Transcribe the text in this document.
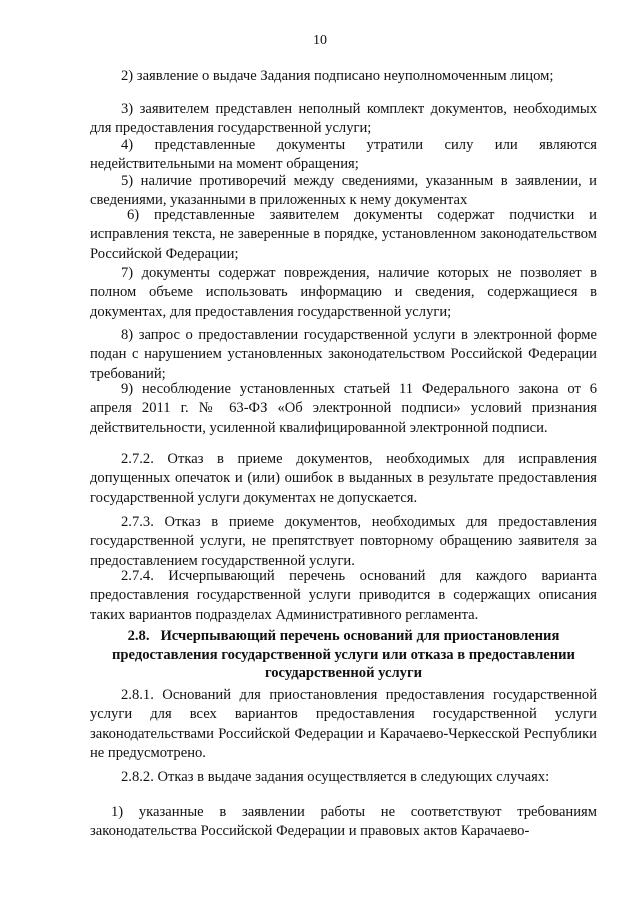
10

2) заявление о выдаче Задания подписано неуполномоченным лицом;

3) заявителем представлен неполный комплект документов, необходимых для предоставления государственной услуги;

4) представленные документы утратили силу или являются недействительными на момент обращения;

5) наличие противоречий между сведениями, указанным в заявлении, и сведениями, указанными в приложенных к нему документах

6) представленные заявителем документы содержат подчистки и исправления текста, не заверенные в порядке, установленном законодательством Российской Федерации;

7) документы содержат повреждения, наличие которых не позволяет в полном объеме использовать информацию и сведения, содержащиеся в документах, для предоставления государственной услуги;

8) запрос о предоставлении государственной услуги в электронной форме подан с нарушением установленных законодательством Российской Федерации требований;

9) несоблюдение установленных статьей 11 Федерального закона от 6 апреля 2011 г. № 63-ФЗ «Об электронной подписи» условий признания действительности, усиленной квалифицированной электронной подписи.

2.7.2. Отказ в приеме документов, необходимых для исправления допущенных опечаток и (или) ошибок в выданных в результате предоставления государственной услуги документах не допускается.

2.7.3. Отказ в приеме документов, необходимых для предоставления государственной услуги, не препятствует повторному обращению заявителя за предоставлением государственной услуги.

2.7.4. Исчерпывающий перечень оснований для каждого варианта предоставления государственной услуги приводится в содержащих описания таких вариантов подразделах Административного регламента.

2.8.   Исчерпывающий перечень оснований для приостановления предоставления государственной услуги или отказа в предоставлении государственной услуги

2.8.1. Оснований для приостановления предоставления государственной услуги для всех вариантов предоставления государственной услуги законодательствами Российской Федерации и Карачаево-Черкесской Республики не предусмотрено.

2.8.2. Отказ в выдаче задания осуществляется в следующих случаях:

1) указанные в заявлении работы не соответствуют требованиям законодательства Российской Федерации и правовых актов Карачаево-
